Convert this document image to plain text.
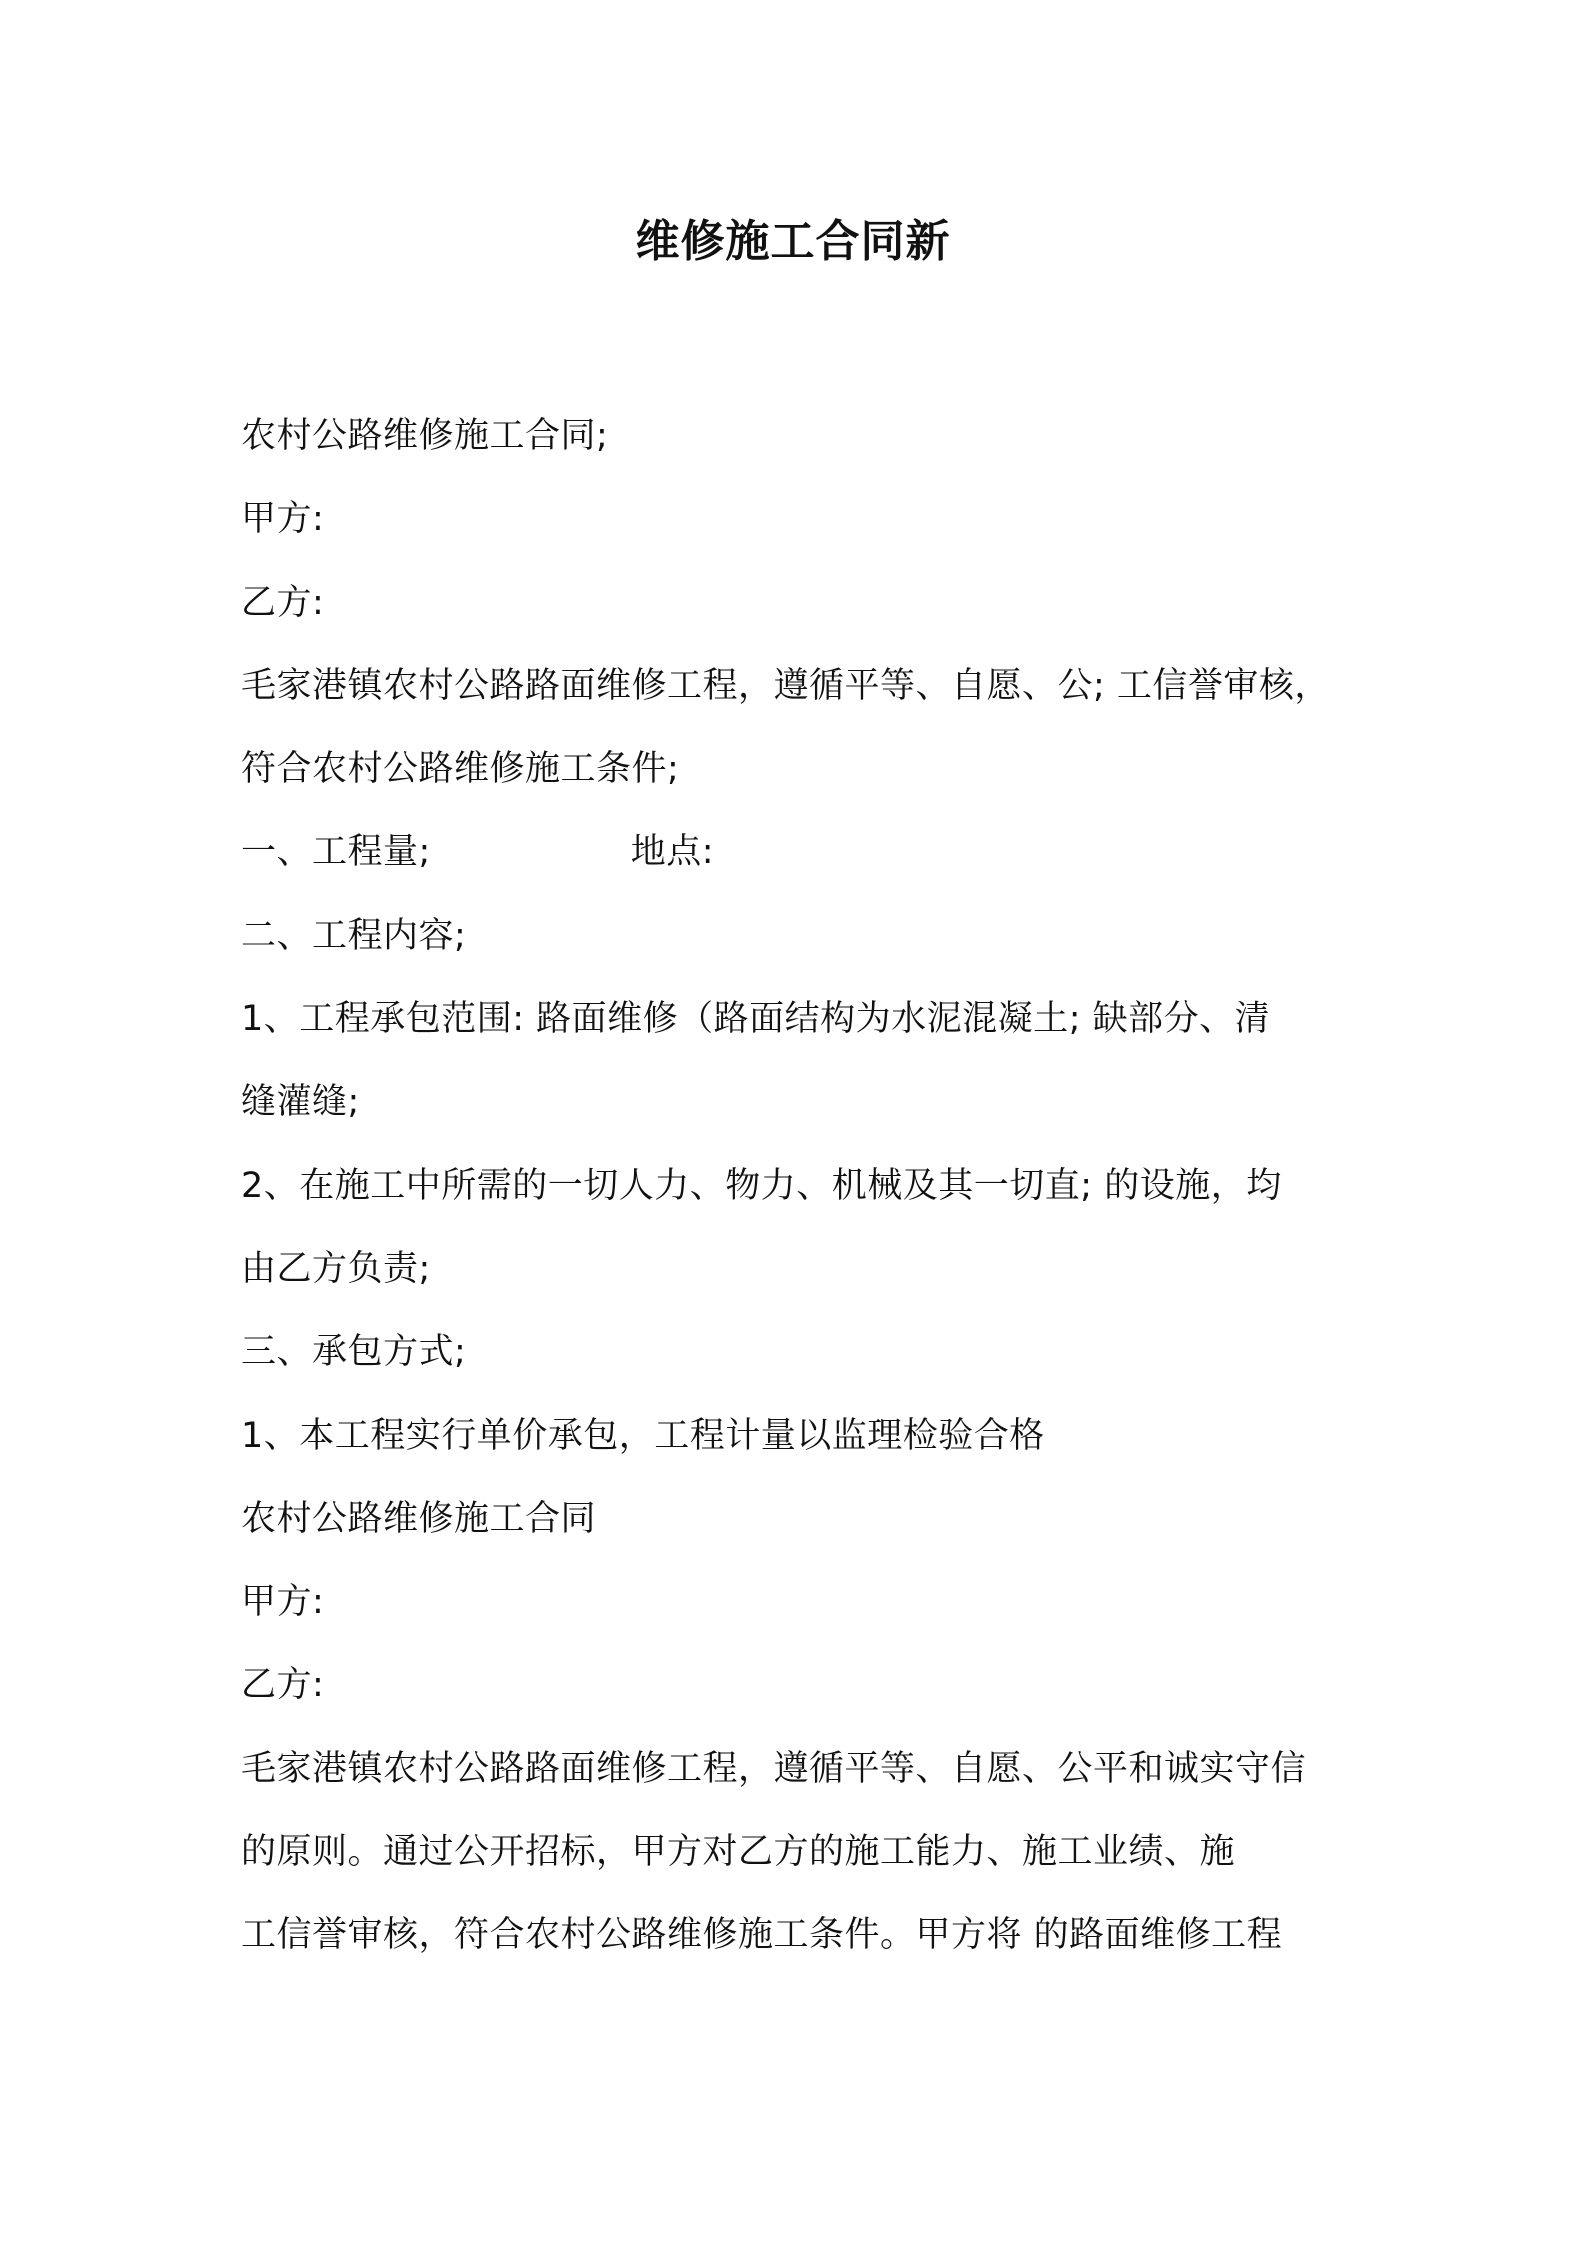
维修施工合同新
农村公路维修施工合同;
甲方:
乙方:
毛家港镇农村公路路面维修工程，遵循平等、自愿、公; 工信誉审核，
符合农村公路维修施工条件;
一、工程量;	地点:
二、工程内容;
1、工程承包范围: 路面维修（路面结构为水泥混凝土; 缺部分、清
缝灌缝;
2、在施工中所需的一切人力、物力、机械及其一切直; 的设施，均
由乙方负责;
三、承包方式;
1、本工程实行单价承包，工程计量以监理检验合格
农村公路维修施工合同
甲方:
乙方:
毛家港镇农村公路路面维修工程，遵循平等、自愿、公平和诚实守信
的原则。通过公开招标，甲方对乙方的施工能力、施工业绩、施
工信誉审核，符合农村公路维修施工条件。甲方将 的路面维修工程
